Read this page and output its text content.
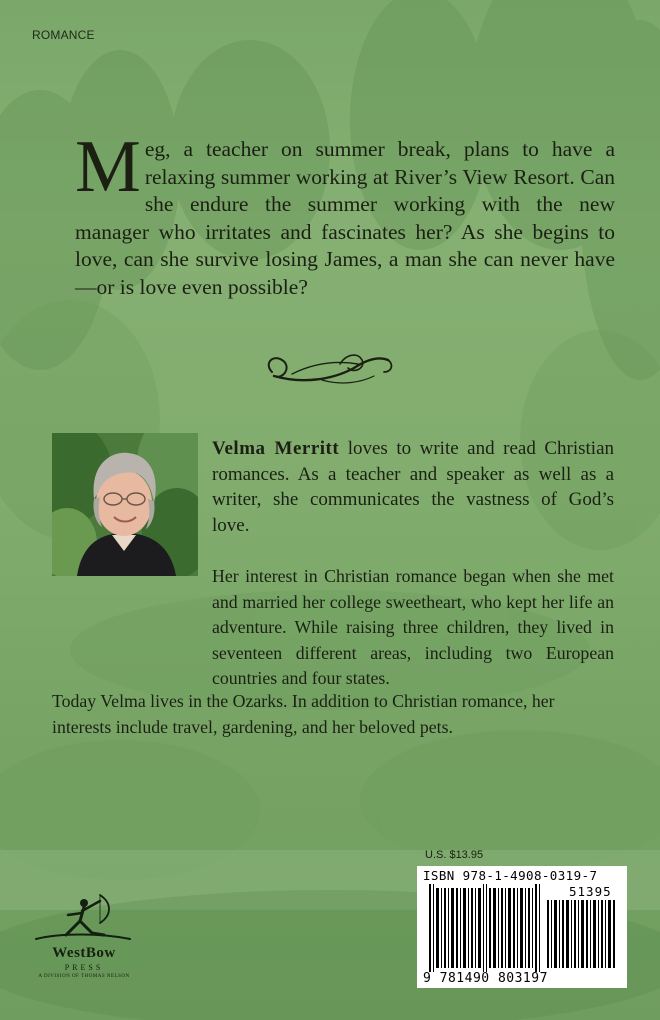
ROMANCE
Meg, a teacher on summer break, plans to have a relaxing summer working at River’s View Resort. Can she endure the summer working with the new manager who irritates and fascinates her? As she begins to love, can she survive losing James, a man she can never have—or is love even possible?
Velma Merritt loves to write and read Christian romances. As a teacher and speaker as well as a writer, she communicates the vastness of God’s love.
Her interest in Christian romance began when she met and married her college sweetheart, who kept her life an adventure. While raising three children, they lived in seventeen different areas, including two European countries and four states.
Today Velma lives in the Ozarks. In addition to Christian romance, her interests include travel, gardening, and her beloved pets.
U.S. $13.95
ISBN 978-1-4908-0319-7
51395
9 781490 803197
WestBow
PRESS
A DIVISION OF THOMAS NELSON
